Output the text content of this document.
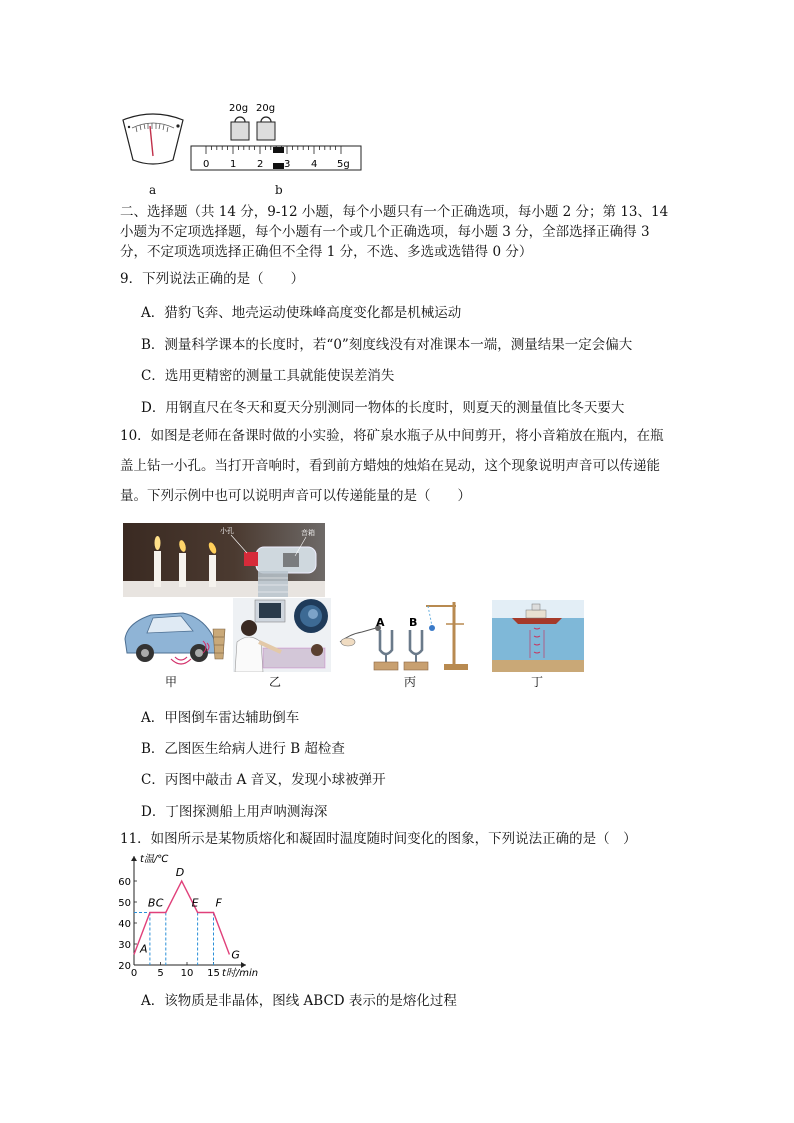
20g 20g
0 1 2 3 4 5g
a	b
二、选择题（共 14 分，9-12 小题，每个小题只有一个正确选项，每小题 2 分；第 13、14
小题为不定项选择题，每个小题有一个或几个正确选项，每小题 3 分，全部选择正确得 3
分，不定项选项选择正确但不全得 1 分，不选、多选或选错得 0 分）
9．下列说法正确的是（　　）
A．猎豹飞奔、地壳运动使珠峰高度变化都是机械运动
B．测量科学课本的长度时，若“0”刻度线没有对准课本一端，测量结果一定会偏大
C．选用更精密的测量工具就能使误差消失
D．用钢直尺在冬天和夏天分别测同一物体的长度时，则夏天的测量值比冬天要大
10．如图是老师在备课时做的小实验，将矿泉水瓶子从中间剪开，将小音箱放在瓶内，在瓶
盖上钻一小孔。当打开音响时，看到前方蜡烛的烛焰在晃动，这个现象说明声音可以传递能
量。下列示例中也可以说明声音可以传递能量的是（　　）
小孔	音箱
甲	乙
A B
丙	丁
A．甲图倒车雷达辅助倒车
B．乙图医生给病人进行 B 超检查
C．丙图中敲击 A 音叉，发现小球被弹开
D．丁图探测船上用声呐测海深
11．如图所示是某物质熔化和凝固时温度随时间变化的图象，下列说法正确的是（　）
20
30
40
50
60
0 5 10 15
t温/℃
t时/min
A
B C
D
E F
G
A．该物质是非晶体，图线 ABCD 表示的是熔化过程
